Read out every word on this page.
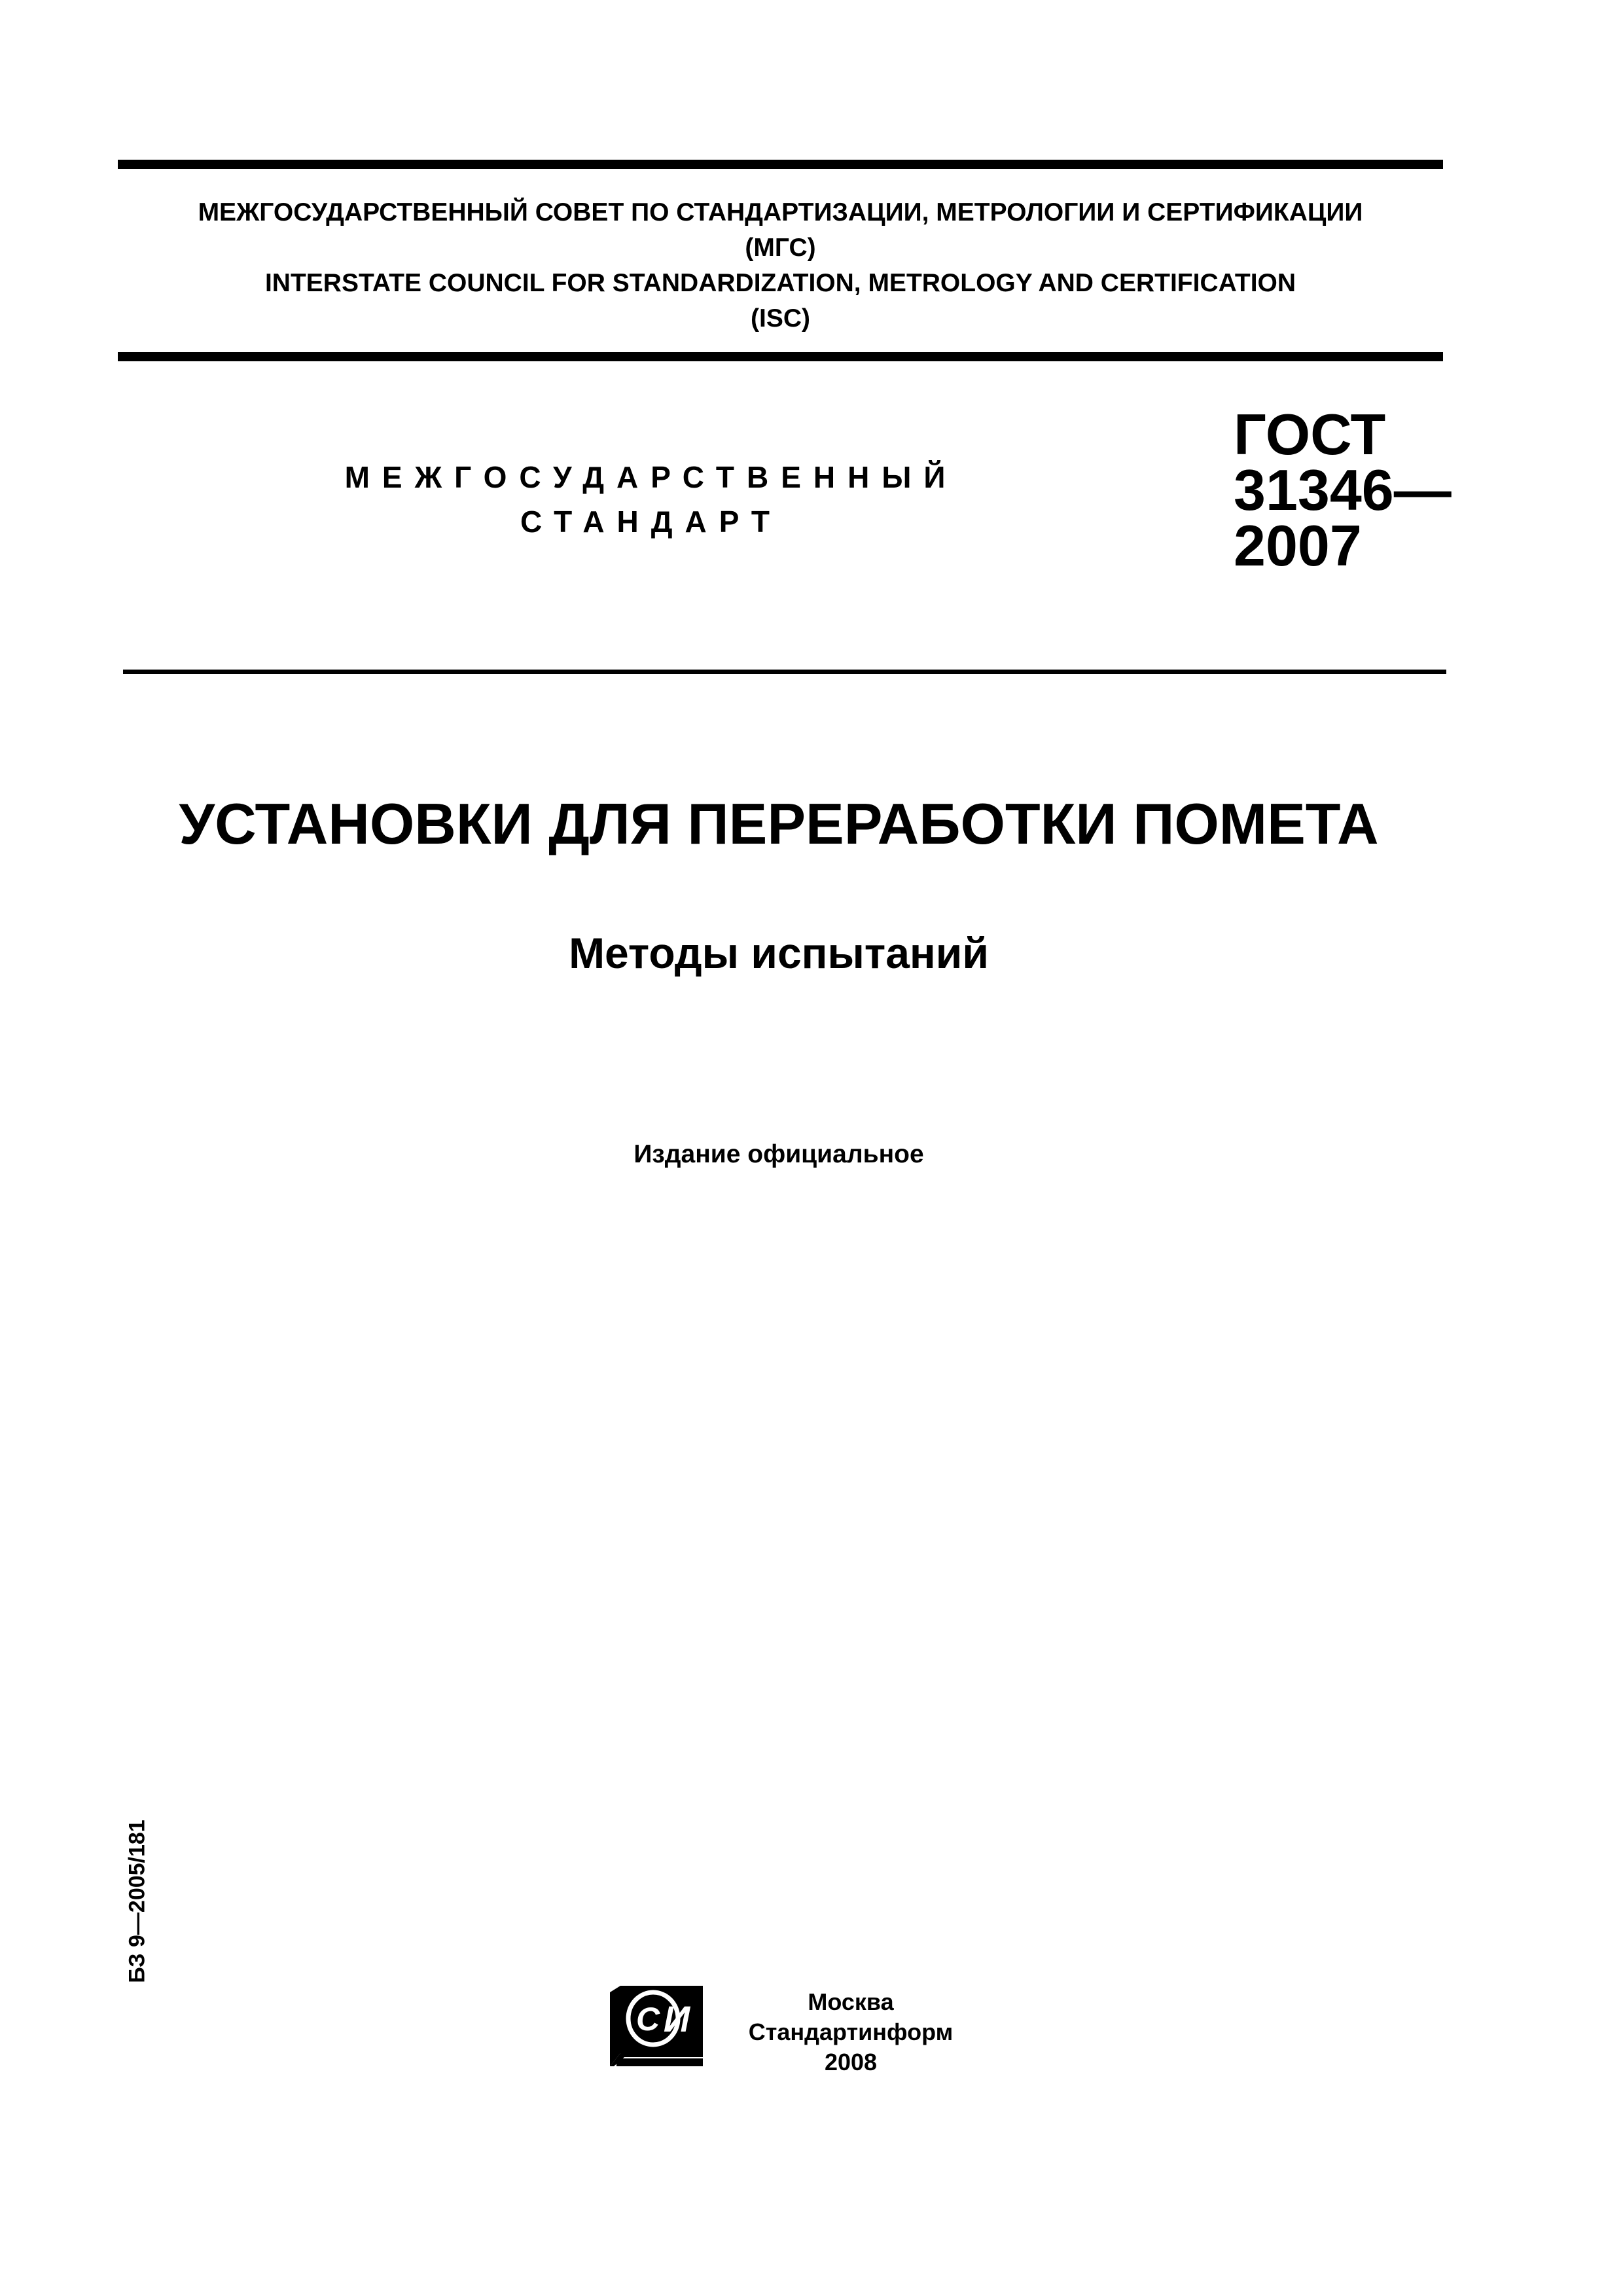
МЕЖГОСУДАРСТВЕННЫЙ СОВЕТ ПО СТАНДАРТИЗАЦИИ, МЕТРОЛОГИИ И СЕРТИФИКАЦИИ
(МГС)
INTERSTATE COUNCIL FOR STANDARDIZATION, METROLOGY AND CERTIFICATION
(ISC)
МЕЖГОСУДАРСТВЕННЫЙ
СТАНДАРТ
ГОСТ
31346—
2007
УСТАНОВКИ ДЛЯ ПЕРЕРАБОТКИ ПОМЕТА
Методы испытаний
Издание официальное
БЗ 9—2005/181
С И	Москва
Стандартинформ
2008
